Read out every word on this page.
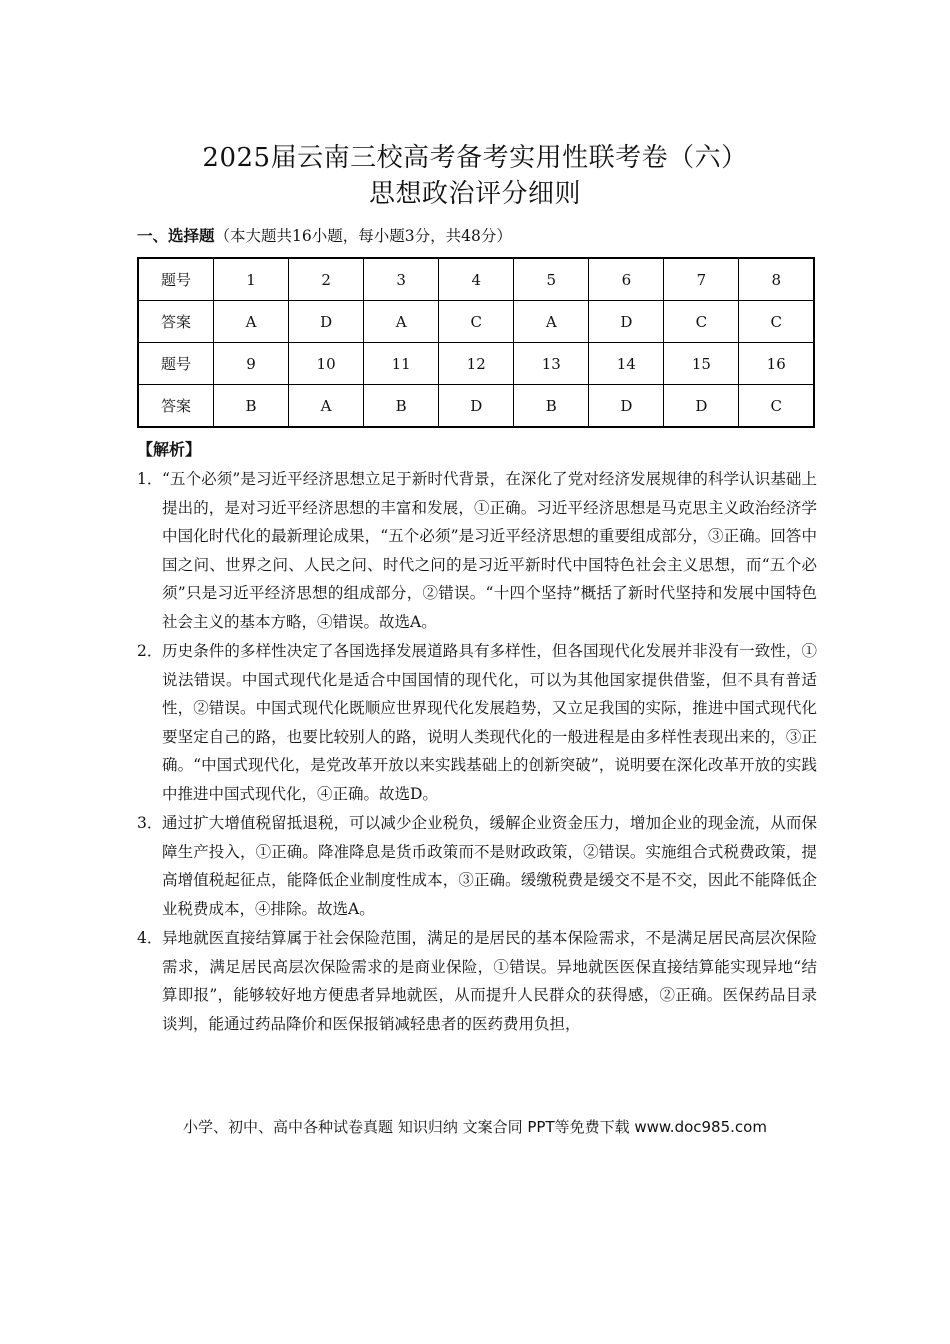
2025届云南三校高考备考实用性联考卷（六）
思想政治评分细则
一、选择题（本大题共16小题，每小题3分，共48分）
题号	1	2	3	4	5	6	7	8
答案	A	D	A	C	A	D	C	C
题号	9	10	11	12	13	14	15	16
答案	B	A	B	D	B	D	D	C
【解析】
1． “五个必须”是习近平经济思想立足于新时代背景，在深化了党对经济发展规律的科学认识基础上提出的，是对习近平经济思想的丰富和发展，①正确。习近平经济思想是马克思主义政治经济学中国化时代化的最新理论成果，“五个必须”是习近平经济思想的重要组成部分，③正确。回答中国之问、世界之问、人民之问、时代之问的是习近平新时代中国特色社会主义思想，而“五个必须”只是习近平经济思想的组成部分，②错误。“十四个坚持”概括了新时代坚持和发展中国特色社会主义的基本方略，④错误。故选A。
2． 历史条件的多样性决定了各国选择发展道路具有多样性，但各国现代化发展并非没有一致性，①说法错误。中国式现代化是适合中国国情的现代化，可以为其他国家提供借鉴，但不具有普适性，②错误。中国式现代化既顺应世界现代化发展趋势，又立足我国的实际，推进中国式现代化要坚定自己的路，也要比较别人的路，说明人类现代化的一般进程是由多样性表现出来的，③正确。“中国式现代化，是党改革开放以来实践基础上的创新突破”，说明要在深化改革开放的实践中推进中国式现代化，④正确。故选D。
3． 通过扩大增值税留抵退税，可以减少企业税负，缓解企业资金压力，增加企业的现金流，从而保障生产投入，①正确。降准降息是货币政策而不是财政政策，②错误。实施组合式税费政策，提高增值税起征点，能降低企业制度性成本，③正确。缓缴税费是缓交不是不交，因此不能降低企业税费成本，④排除。故选A。
4． 异地就医直接结算属于社会保险范围，满足的是居民的基本保险需求，不是满足居民高层次保险需求，满足居民高层次保险需求的是商业保险，①错误。异地就医医保直接结算能实现异地“结算即报”，能够较好地方便患者异地就医，从而提升人民群众的获得感，②正确。医保药品目录谈判，能通过药品降价和医保报销减轻患者的医药费用负担，
小学、初中、高中各种试卷真题 知识归纳 文案合同 PPT等免费下载 www.doc985.com
